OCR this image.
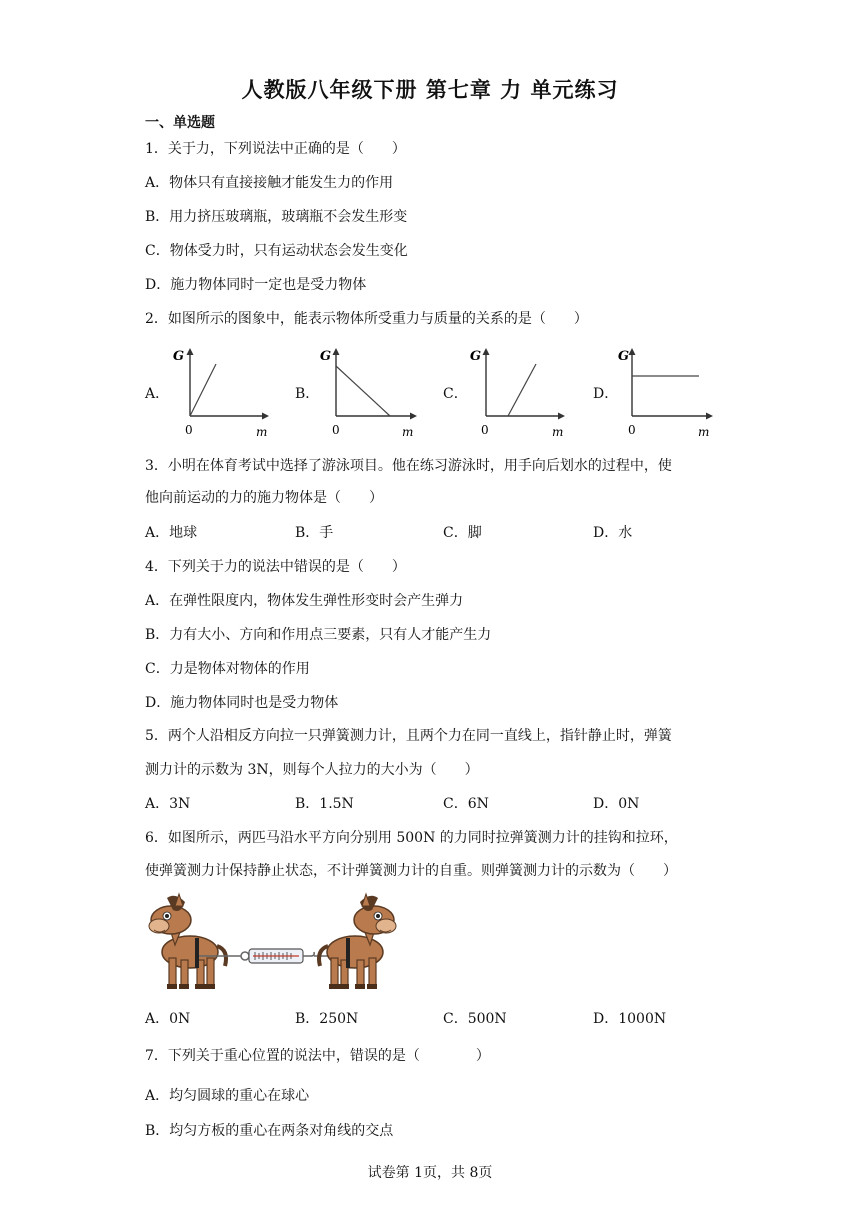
人教版八年级下册 第七章 力 单元练习
一、单选题
1．关于力，下列说法中正确的是（　　）
A．物体只有直接接触才能发生力的作用
B．用力挤压玻璃瓶，玻璃瓶不会发生形变
C．物体受力时，只有运动状态会发生变化
D．施力物体同时一定也是受力物体
2．如图所示的图象中，能表示物体所受重力与质量的关系的是（　　）
A．	B．	C．	D．
G
0	m
G
0	m
G
0	m
G
0	m
3．小明在体育考试中选择了游泳项目。他在练习游泳时，用手向后划水的过程中，使
他向前运动的力的施力物体是（　　）
A．地球	B．手	C．脚	D．水
4．下列关于力的说法中错误的是（　　）
A．在弹性限度内，物体发生弹性形变时会产生弹力
B．力有大小、方向和作用点三要素，只有人才能产生力
C．力是物体对物体的作用
D．施力物体同时也是受力物体
5．两个人沿相反方向拉一只弹簧测力计，且两个力在同一直线上，指针静止时，弹簧
测力计的示数为 3N，则每个人拉力的大小为（　　）
A．3N	B．1.5N	C．6N	D．0N
6．如图所示，两匹马沿水平方向分别用 500N 的力同时拉弹簧测力计的挂钩和拉环，
使弹簧测力计保持静止状态，不计弹簧测力计的自重。则弹簧测力计的示数为（　　）
A．0N	B．250N	C．500N	D．1000N
7．下列关于重心位置的说法中，错误的是（　　　　）
A．均匀圆球的重心在球心
B．均匀方板的重心在两条对角线的交点
试卷第 1页，共 8页
